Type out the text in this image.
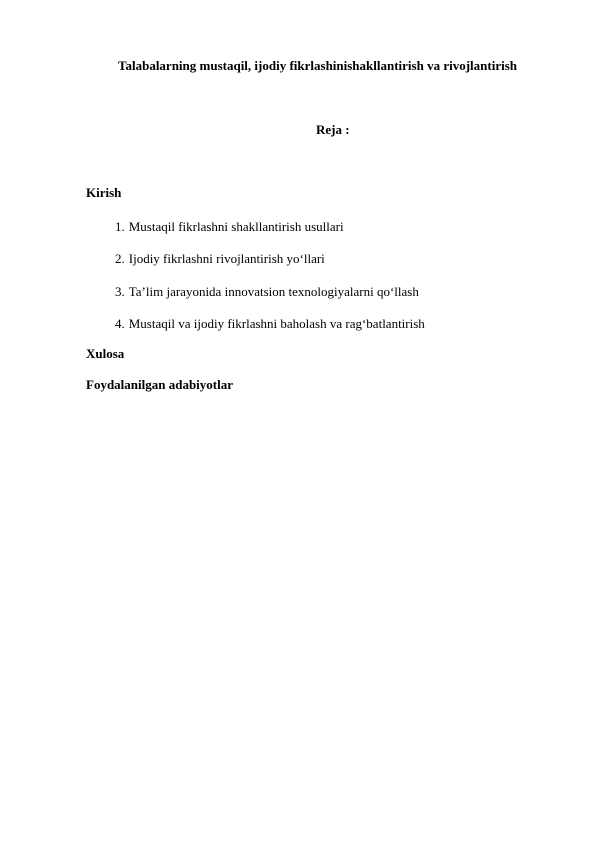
Talabalarning mustaqil, ijodiy fikrlashinishakllantirish va rivojlantirish
Reja :
Kirish
1. Mustaqil fikrlashni shakllantirish usullari
2. Ijodiy fikrlashni rivojlantirish yo‘llari
3. Ta’lim jarayonida innovatsion texnologiyalarni qo‘llash
4. Mustaqil va ijodiy fikrlashni baholash va rag‘batlantirish
Xulosa
Foydalanilgan adabiyotlar
